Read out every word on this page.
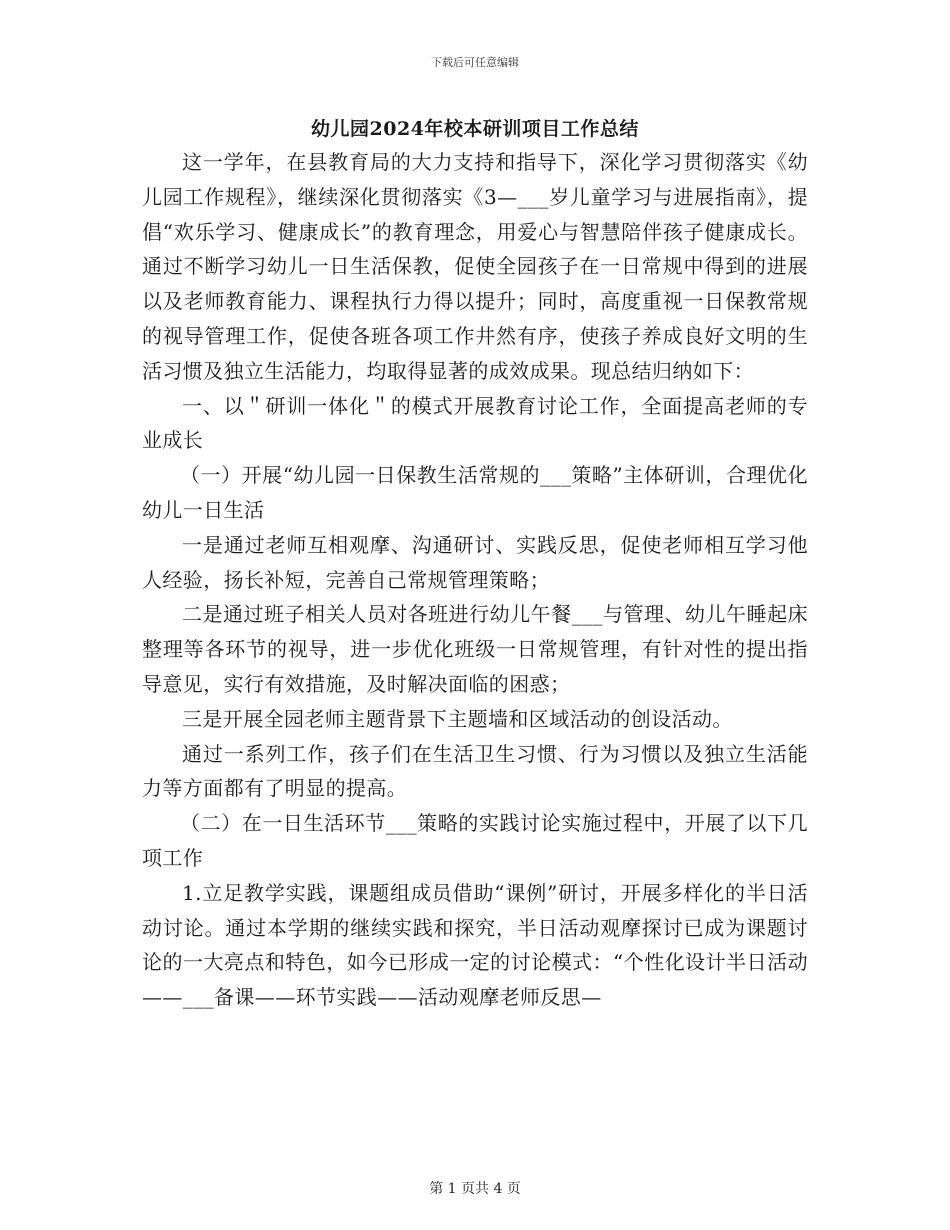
下载后可任意编辑
幼儿园2024年校本研训项目工作总结

这一学年，在县教育局的大力支持和指导下，深化学习贯彻落实《幼儿园工作规程》，继续深化贯彻落实《3—___岁儿童学习与进展指南》，提倡“欢乐学习、健康成长”的教育理念，用爱心与智慧陪伴孩子健康成长。通过不断学习幼儿一日生活保教，促使全园孩子在一日常规中得到的进展以及老师教育能力、课程执行力得以提升；同时，高度重视一日保教常规的视导管理工作，促使各班各项工作井然有序，使孩子养成良好文明的生活习惯及独立生活能力，均取得显著的成效成果。现总结归纳如下：

一、以＂研训一体化＂的模式开展教育讨论工作，全面提高老师的专业成长

（一）开展“幼儿园一日保教生活常规的___策略”主体研训，合理优化幼儿一日生活

一是通过老师互相观摩、沟通研讨、实践反思，促使老师相互学习他人经验，扬长补短，完善自己常规管理策略；

二是通过班子相关人员对各班进行幼儿午餐___与管理、幼儿午睡起床整理等各环节的视导，进一步优化班级一日常规管理，有针对性的提出指导意见，实行有效措施，及时解决面临的困惑；

三是开展全园老师主题背景下主题墙和区域活动的创设活动。

通过一系列工作，孩子们在生活卫生习惯、行为习惯以及独立生活能力等方面都有了明显的提高。

（二）在一日生活环节___策略的实践讨论实施过程中，开展了以下几项工作

1.立足教学实践，课题组成员借助“课例”研讨，开展多样化的半日活动讨论。通过本学期的继续实践和探究，半日活动观摩探讨已成为课题讨论的一大亮点和特色，如今已形成一定的讨论模式：“个性化设计半日活动——___备课——环节实践——活动观摩老师反思—

第 1 页共 4 页
